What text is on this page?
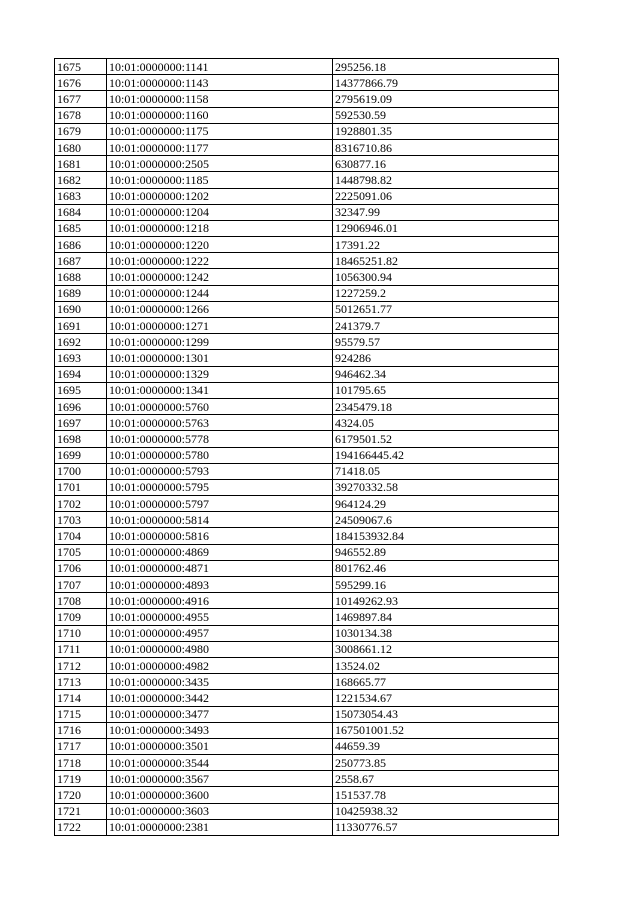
1675	10:01:0000000:1141	295256.18
1676	10:01:0000000:1143	14377866.79
1677	10:01:0000000:1158	2795619.09
1678	10:01:0000000:1160	592530.59
1679	10:01:0000000:1175	1928801.35
1680	10:01:0000000:1177	8316710.86
1681	10:01:0000000:2505	630877.16
1682	10:01:0000000:1185	1448798.82
1683	10:01:0000000:1202	2225091.06
1684	10:01:0000000:1204	32347.99
1685	10:01:0000000:1218	12906946.01
1686	10:01:0000000:1220	17391.22
1687	10:01:0000000:1222	18465251.82
1688	10:01:0000000:1242	1056300.94
1689	10:01:0000000:1244	1227259.2
1690	10:01:0000000:1266	5012651.77
1691	10:01:0000000:1271	241379.7
1692	10:01:0000000:1299	95579.57
1693	10:01:0000000:1301	924286
1694	10:01:0000000:1329	946462.34
1695	10:01:0000000:1341	101795.65
1696	10:01:0000000:5760	2345479.18
1697	10:01:0000000:5763	4324.05
1698	10:01:0000000:5778	6179501.52
1699	10:01:0000000:5780	194166445.42
1700	10:01:0000000:5793	71418.05
1701	10:01:0000000:5795	39270332.58
1702	10:01:0000000:5797	964124.29
1703	10:01:0000000:5814	24509067.6
1704	10:01:0000000:5816	184153932.84
1705	10:01:0000000:4869	946552.89
1706	10:01:0000000:4871	801762.46
1707	10:01:0000000:4893	595299.16
1708	10:01:0000000:4916	10149262.93
1709	10:01:0000000:4955	1469897.84
1710	10:01:0000000:4957	1030134.38
1711	10:01:0000000:4980	3008661.12
1712	10:01:0000000:4982	13524.02
1713	10:01:0000000:3435	168665.77
1714	10:01:0000000:3442	1221534.67
1715	10:01:0000000:3477	15073054.43
1716	10:01:0000000:3493	167501001.52
1717	10:01:0000000:3501	44659.39
1718	10:01:0000000:3544	250773.85
1719	10:01:0000000:3567	2558.67
1720	10:01:0000000:3600	151537.78
1721	10:01:0000000:3603	10425938.32
1722	10:01:0000000:2381	11330776.57
